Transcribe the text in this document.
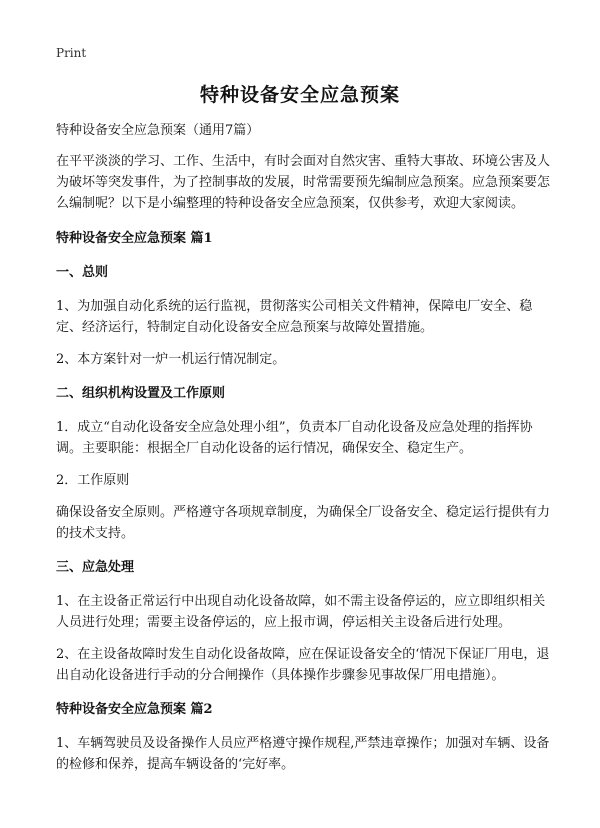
Print
特种设备安全应急预案

特种设备安全应急预案（通用7篇）

在平平淡淡的学习、工作、生活中，有时会面对自然灾害、重特大事故、环境公害及人为破坏等突发事件，为了控制事故的发展，时常需要预先编制应急预案。应急预案要怎么编制呢？以下是小编整理的特种设备安全应急预案，仅供参考，欢迎大家阅读。

特种设备安全应急预案 篇1
一、总则

1、为加强自动化系统的运行监视，贯彻落实公司相关文件精神，保障电厂安全、稳定、经济运行，特制定自动化设备安全应急预案与故障处置措施。

2、本方案针对一炉一机运行情况制定。

二、组织机构设置及工作原则

1．成立“自动化设备安全应急处理小组”，负责本厂自动化设备及应急处理的指挥协调。主要职能：根据全厂自动化设备的运行情况，确保安全、稳定生产。

2．工作原则

确保设备安全原则。严格遵守各项规章制度，为确保全厂设备安全、稳定运行提供有力的技术支持。

三、应急处理

1、在主设备正常运行中出现自动化设备故障，如不需主设备停运的，应立即组织相关人员进行处理；需要主设备停运的，应上报市调，停运相关主设备后进行处理。

2、在主设备故障时发生自动化设备故障，应在保证设备安全的‘情况下保证厂用电，退出自动化设备进行手动的分合闸操作（具体操作步骤参见事故保厂用电措施）。

特种设备安全应急预案 篇2

1、车辆驾驶员及设备操作人员应严格遵守操作规程,严禁违章操作；加强对车辆、设备的检修和保养，提高车辆设备的‘完好率。
